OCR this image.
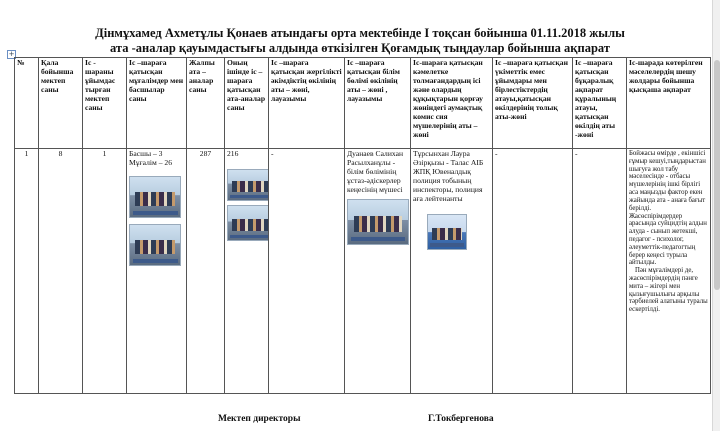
Дінмұхамед Ахметұлы Қонаев атындағы орта мектебінде І тоқсан бойынша 01.11.2018 жылы
ата -аналар қауымдастығы алдында өткізілген Қоғамдық тыңдаулар бойынша ақпарат
+
№	Қала бойынша мектеп саны	Іс - шараны ұйымдас тырған мектеп саны	Іс –шараға қатысқан мұғалімдер мен басшылар саны	Жалпы ата – аналар саны	Оның ішінде іс –шараға қатысқан ата-аналар саны	Іс –шараға қатысқан жергілікті әкімдіктің өкілінің аты – жөні, лауазымы	Іс –шараға қатысқан білім бөлімі өкілінің аты – жөні , лауазымы	Іс-шараға қатысқан кәмелетке толмағандардың ісі және олардың құқықтарын қорғау жөніндегі аумақтық комис сия мүшелерінің аты – жөні	Іс –шараға қатысқан үкіметтік емес ұйымдары мен бірлестіктердің атауы,қатысқан өкілдерінің толық аты-жөні	Іс –шараға қатысқан бұқаралық ақпарат құралының атауы, қатысқан өкілдің аты -жөні	Іс-шарада көтерілген мәселелердің шешу жолдары бойынша қысқаша ақпарат
1	8	1	Басшы – 3 Мұғалім – 26	287	216	-	Дуанаев Салихан Расылханұлы - білім бөлімінің ұстаз-әдіскерлер кеңесінің мүшесі	Тұрсынхан Лаура Әзірқызы - Талас АІБ ЖПҚ Ювеналдық полиция тобының инспекторы, полиция аға лейтенанты	-	-	Бойжасы өмірде , екіншісі ғұмыр кешуі,тыңдарыстан шығуға жол табу мәселесінде - отбасы мүшелерінің ішкі бірлігі аса маңызды фактор екен жайында ата - анаға бағыт берілді.
Жасөспірімдердер арасында суйцидтің алдын алуда - сынып жетекші, педагог - психолог, әлеуметтік-педагогтың берер кеңесі турыла айтылды.
Пән мұғалімдері де, жасөспірімдердің пәнге мита – жігері мен қызығушылығы арқылы тәрбиелей алатыны туралы ескертілді.
Мектеп директоры	Г.Токбергенова
